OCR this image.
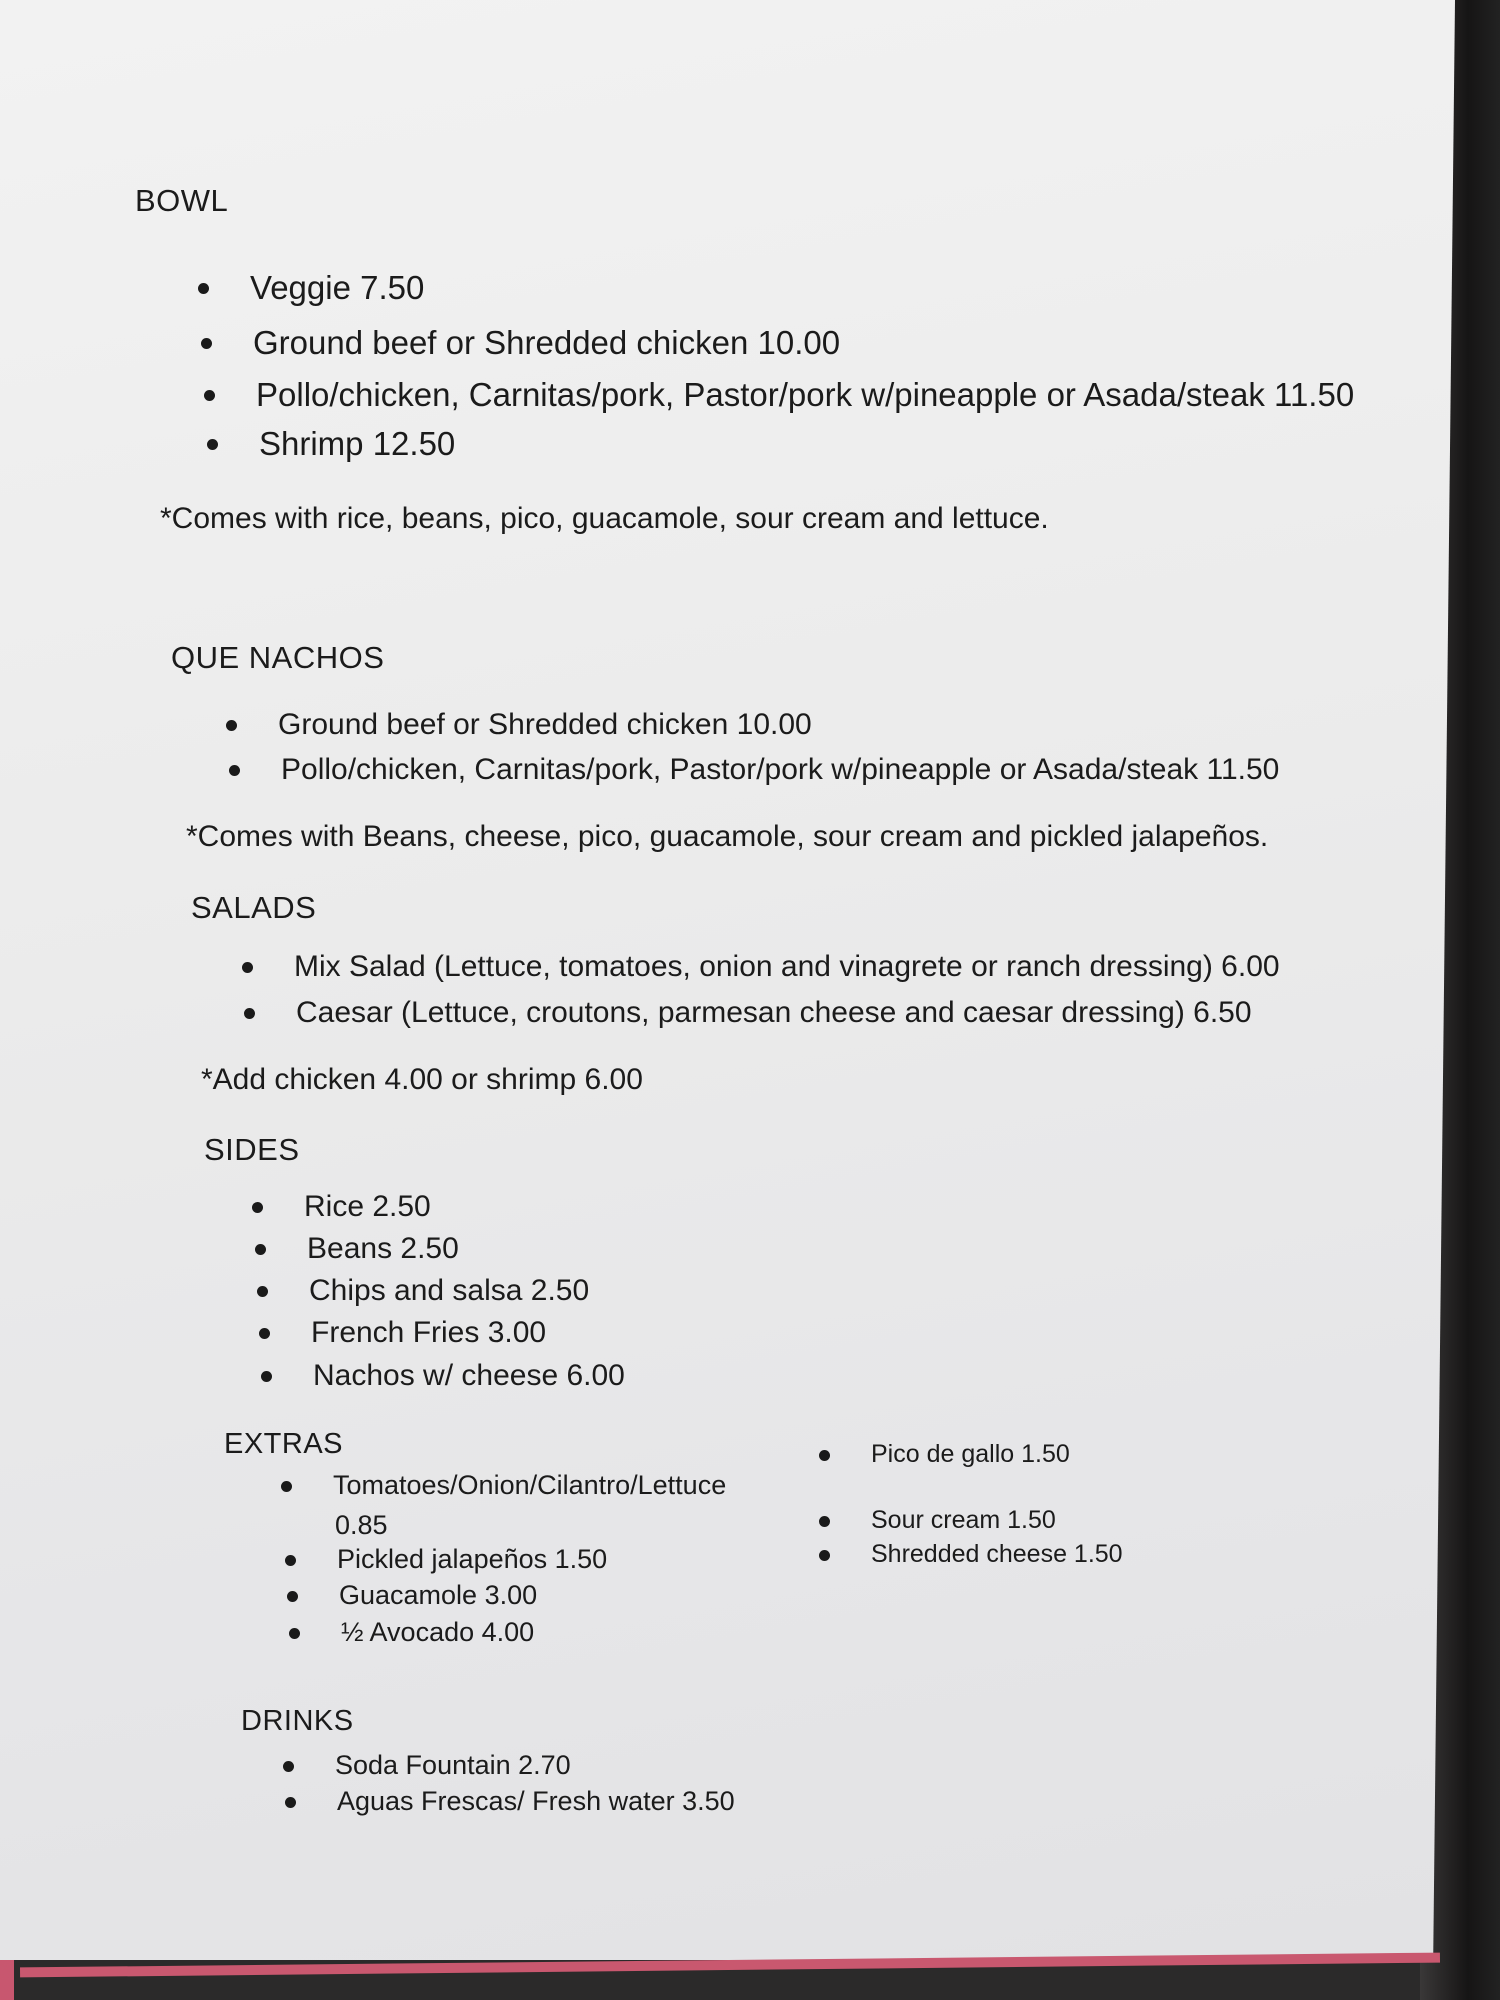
BOWL
Veggie 7.50
Ground beef or Shredded chicken 10.00
Pollo/chicken, Carnitas/pork, Pastor/pork w/pineapple or Asada/steak 11.50
Shrimp 12.50
*Comes with rice, beans, pico, guacamole, sour cream and lettuce.
QUE NACHOS
Ground beef or Shredded chicken 10.00
Pollo/chicken, Carnitas/pork, Pastor/pork w/pineapple or Asada/steak 11.50
*Comes with Beans, cheese, pico, guacamole, sour cream and pickled jalapeños.
SALADS
Mix Salad (Lettuce, tomatoes, onion and vinagrete or ranch dressing) 6.00
Caesar (Lettuce, croutons, parmesan cheese and caesar dressing) 6.50
*Add chicken 4.00 or shrimp 6.00
SIDES
Rice 2.50
Beans 2.50
Chips and salsa 2.50
French Fries 3.00
Nachos w/ cheese 6.00
EXTRAS
Tomatoes/Onion/Cilantro/Lettuce
0.85
Pickled jalapeños 1.50
Guacamole 3.00
½ Avocado 4.00
Pico de gallo 1.50
Sour cream 1.50
Shredded cheese 1.50
DRINKS
Soda Fountain 2.70
Aguas Frescas/ Fresh water 3.50
